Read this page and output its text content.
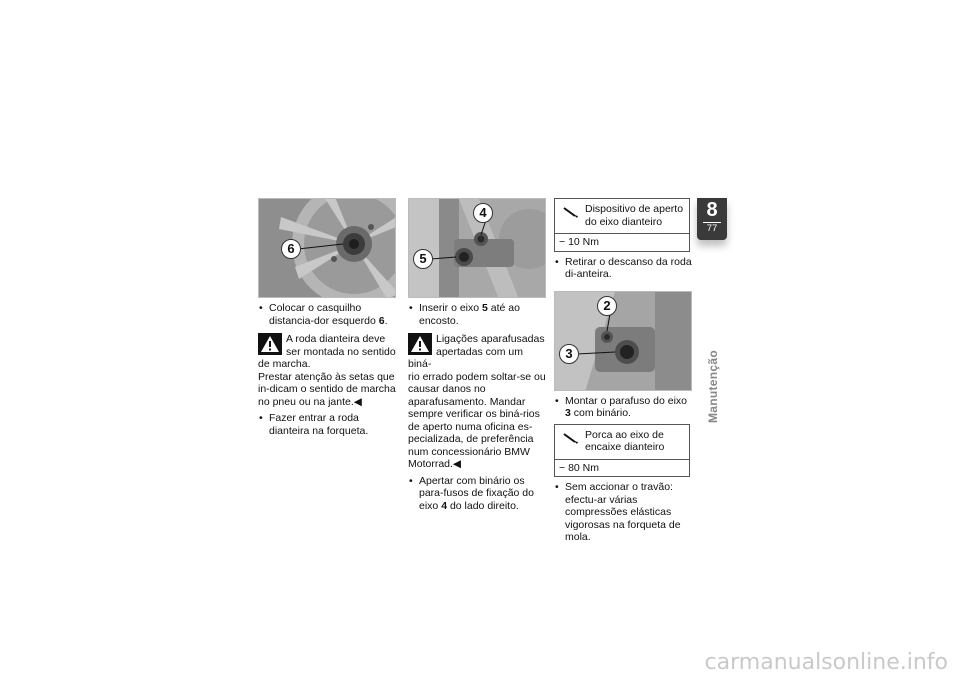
6
• Colocar o casquilho distancia-dor esquerdo 6.
A roda dianteira deve ser montada no sentido de marcha.
Prestar atenção às setas que in-dicam o sentido de marcha no pneu ou na jante.◀
• Fazer entrar a roda dianteira na forqueta.
4
5
• Inserir o eixo 5 até ao encosto.
Ligações aparafusadas apertadas com um biná-
rio errado podem soltar-se ou causar danos no aparafusamento. Mandar sempre verificar os biná-rios de aperto numa oficina es-pecializada, de preferência num concessionário BMW Motorrad.◀
• Apertar com binário os para-fusos de fixação do eixo 4 do lado direito.
Dispositivo de aperto do eixo dianteiro
− 10 Nm
• Retirar o descanso da roda di-anteira.
2
3
• Montar o parafuso do eixo 3 com binário.
Porca ao eixo de encaixe dianteiro
− 80 Nm
• Sem accionar o travão: efectu-ar várias compressões elásticas vigorosas na forqueta de mola.
8
77
Manutenção
carmanualsonline.info
